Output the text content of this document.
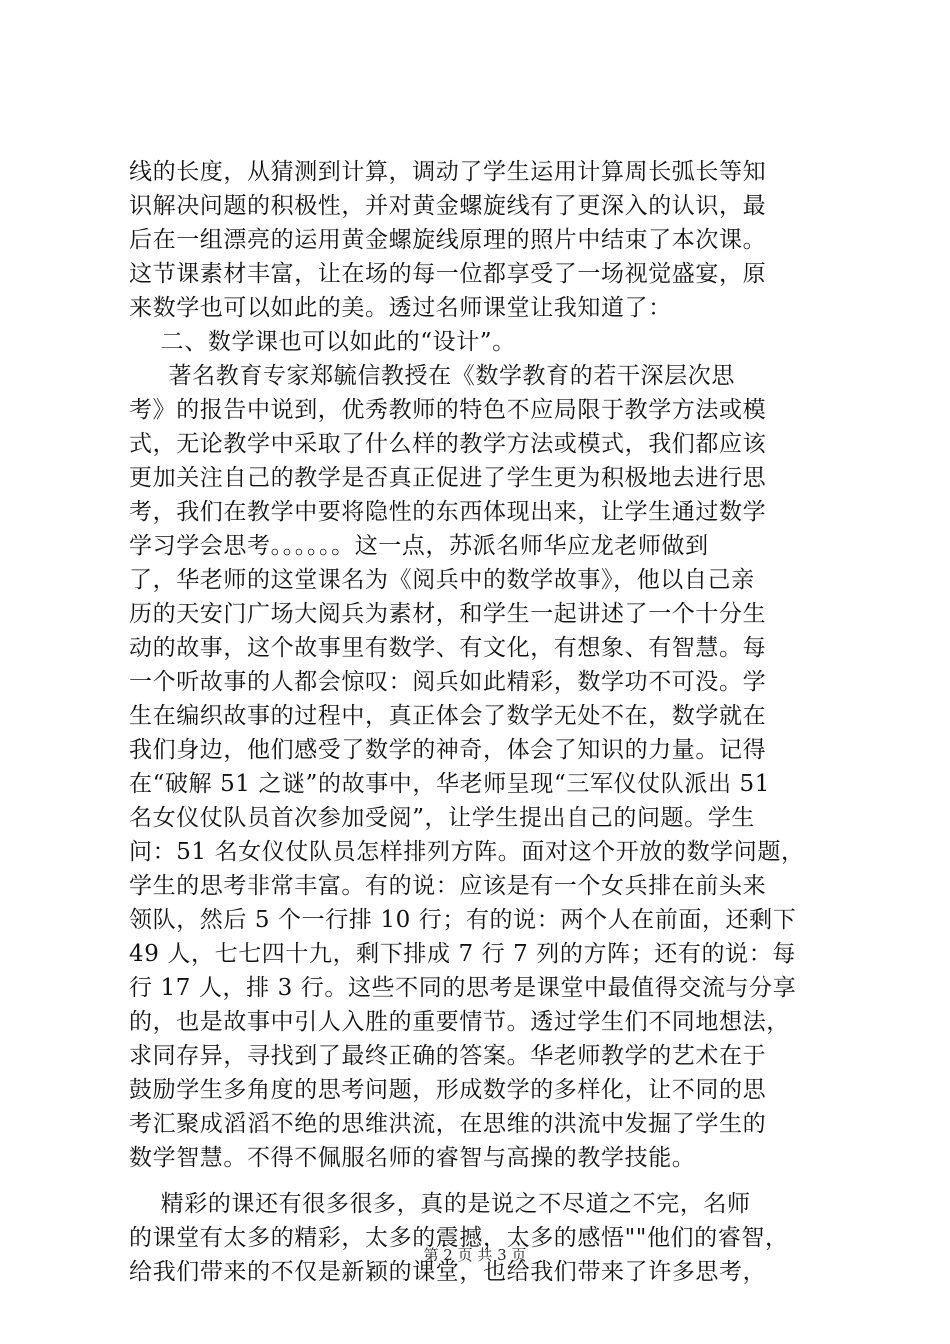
线的长度，从猜测到计算，调动了学生运用计算周长弧长等知
识解决问题的积极性，并对黄金螺旋线有了更深入的认识，最
后在一组漂亮的运用黄金螺旋线原理的照片中结束了本次课。
这节课素材丰富，让在场的每一位都享受了一场视觉盛宴，原
来数学也可以如此的美。透过名师课堂让我知道了：
二、数学课也可以如此的“设计”。
著名教育专家郑毓信教授在《数学教育的若干深层次思
考》的报告中说到，优秀教师的特色不应局限于教学方法或模
式，无论教学中采取了什么样的教学方法或模式，我们都应该
更加关注自己的教学是否真正促进了学生更为积极地去进行思
考，我们在教学中要将隐性的东西体现出来，让学生通过数学
学习学会思考。。。。。。这一点，苏派名师华应龙老师做到
了，华老师的这堂课名为《阅兵中的数学故事》，他以自己亲
历的天安门广场大阅兵为素材，和学生一起讲述了一个十分生
动的故事，这个故事里有数学、有文化，有想象、有智慧。每
一个听故事的人都会惊叹：阅兵如此精彩，数学功不可没。学
生在编织故事的过程中，真正体会了数学无处不在，数学就在
我们身边，他们感受了数学的神奇，体会了知识的力量。记得
在“破解 51 之谜”的故事中，华老师呈现“三军仪仗队派出 51
名女仪仗队员首次参加受阅”，让学生提出自己的问题。学生
问：51 名女仪仗队员怎样排列方阵。面对这个开放的数学问题，
学生的思考非常丰富。有的说：应该是有一个女兵排在前头来
领队，然后 5 个一行排 10 行；有的说：两个人在前面，还剩下
49 人，七七四十九，剩下排成 7 行 7 列的方阵；还有的说：每
行 17 人，排 3 行。这些不同的思考是课堂中最值得交流与分享
的，也是故事中引人入胜的重要情节。透过学生们不同地想法，
求同存异，寻找到了最终正确的答案。华老师教学的艺术在于
鼓励学生多角度的思考问题，形成数学的多样化，让不同的思
考汇聚成滔滔不绝的思维洪流，在思维的洪流中发掘了学生的
数学智慧。不得不佩服名师的睿智与高操的教学技能。
精彩的课还有很多很多，真的是说之不尽道之不完，名师
的课堂有太多的精彩，太多的震撼，太多的感悟""他们的睿智，
给我们带来的不仅是新颖的课堂，也给我们带来了许多思考，
第 2 页 共 3 页
